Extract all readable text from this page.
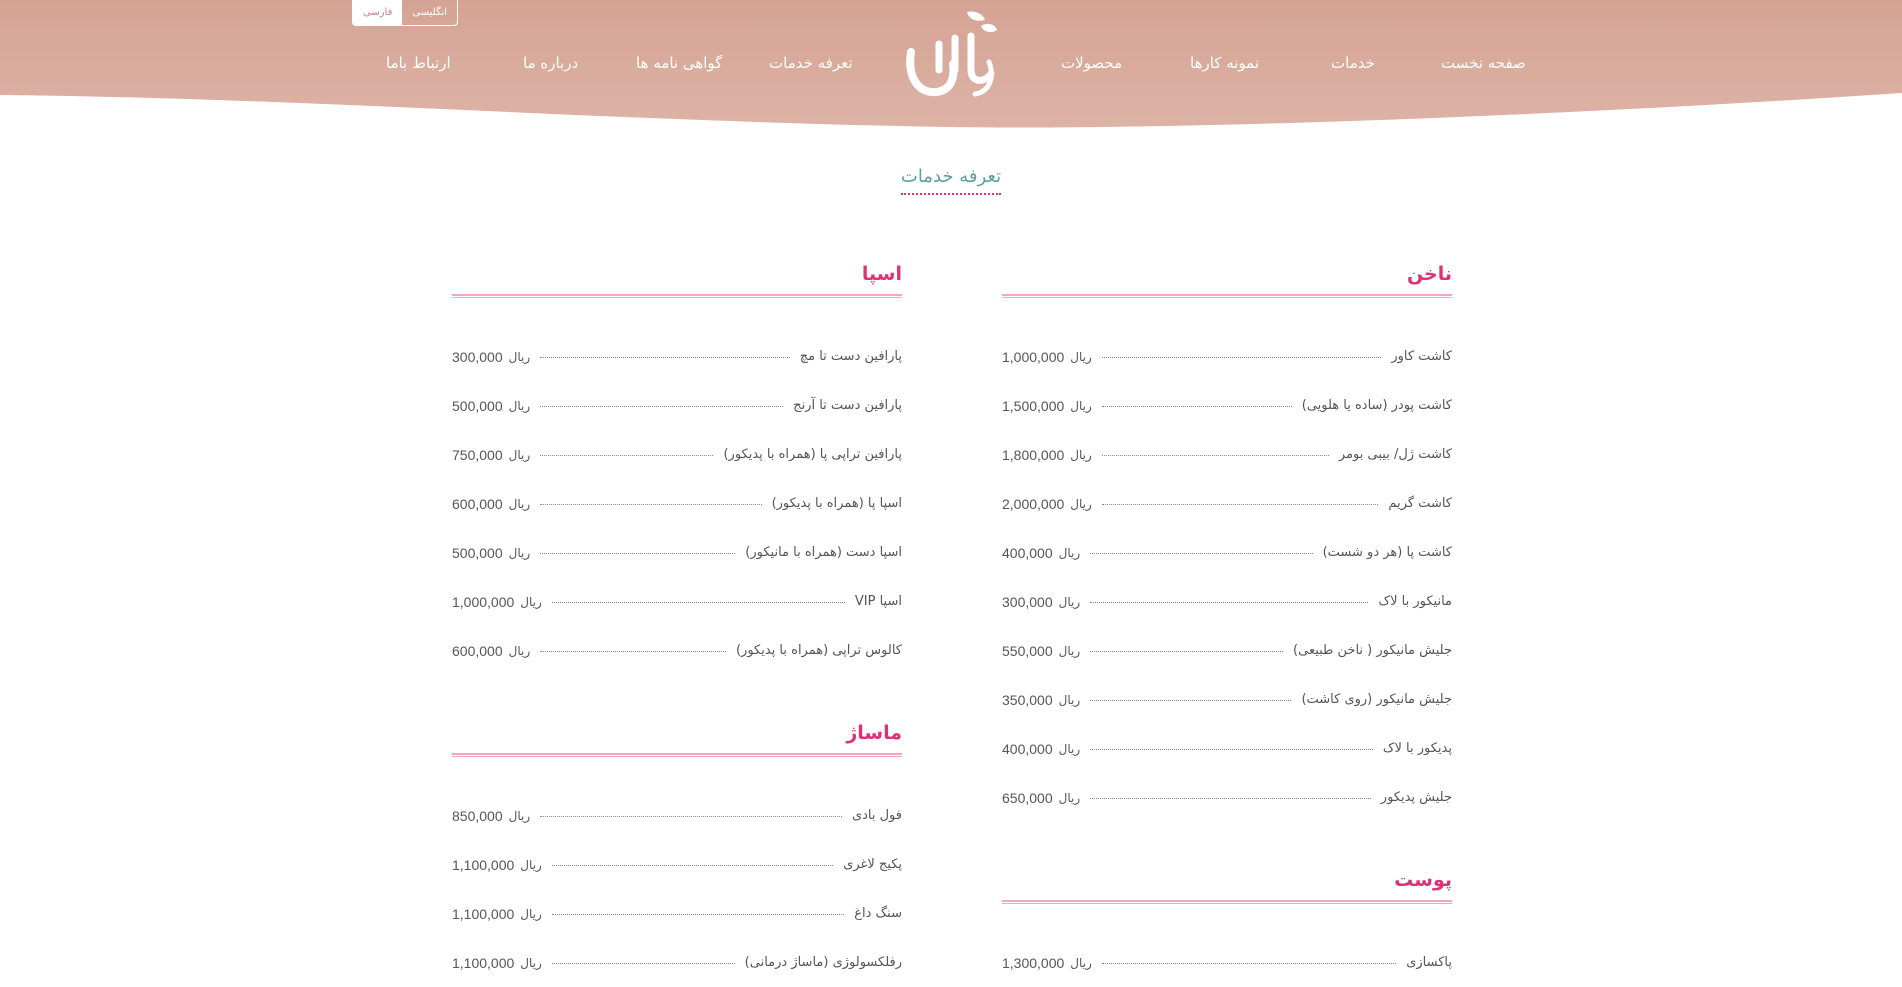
فارسی	انگلیسی
صفحه نخست
خدمات
نمونه کارها
محصولات
تعرفه خدمات
گواهی نامه ها
درباره ما
ارتباط باما
تعرفه خدمات
ناخن
کاشت کاور
ریال
1,000,000
کاشت پودر (ساده یا هلویی)
ریال
1,500,000
کاشت ژل/ بیبی بومر
ریال
1,800,000
کاشت گریم
ریال
2,000,000
کاشت پا (هر دو شست)
ریال
400,000
مانیکور با لاک
ریال
300,000
جلیش مانیکور ( ناخن طبیعی)
ریال
550,000
جلیش مانیکور (روی کاشت)
ریال
350,000
پدیکور با لاک
ریال
400,000
جلیش پدیکور
ریال
650,000
پوست
پاکسازی
ریال
1,300,000
اسپا
پارافین دست تا مچ
ریال
300,000
پارافین دست تا آرنج
ریال
500,000
پارافین تراپی پا (همراه با پدیکور)
ریال
750,000
اسپا پا (همراه با پدیکور)
ریال
600,000
اسپا دست (همراه با مانیکور)
ریال
500,000
اسپا VIP
ریال
1,000,000
کالوس تراپی (همراه با پدیکور)
ریال
600,000
ماساژ
فول بادی
ریال
850,000
پکیج لاغری
ریال
1,100,000
سنگ داغ
ریال
1,100,000
رفلکسولوژی (ماساژ درمانی)
ریال
1,100,000
